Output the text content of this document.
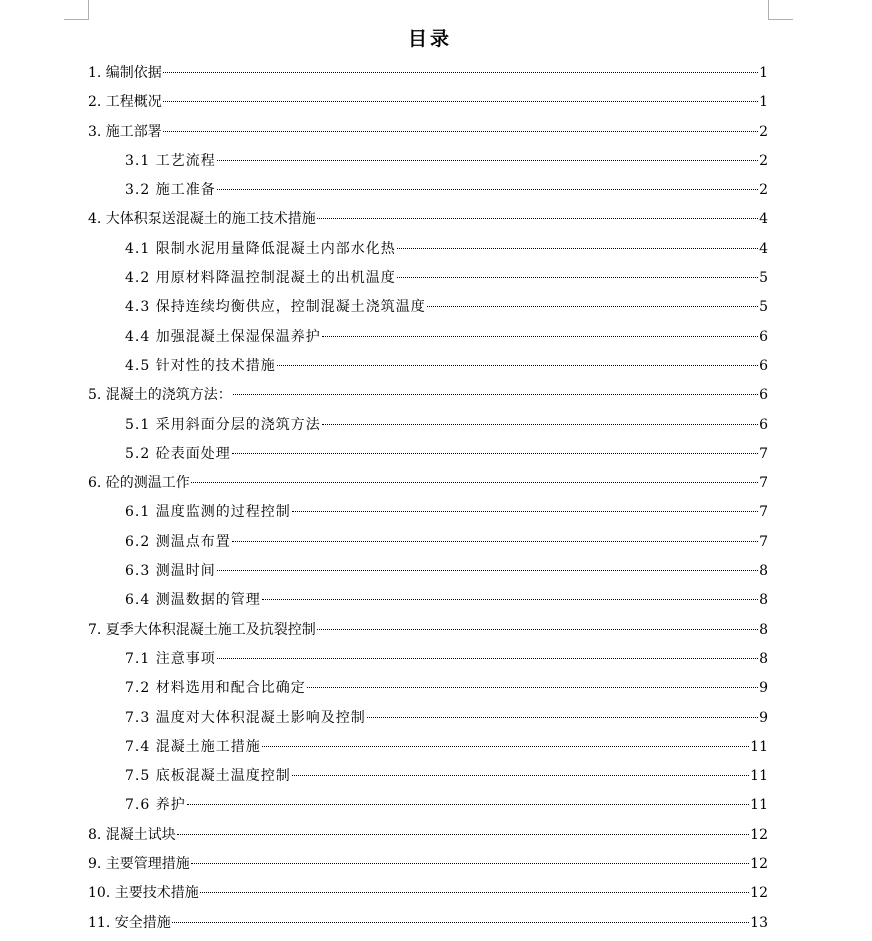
目录
1. 编制依据	1
2. 工程概况	1
3. 施工部署	2
3.1 工艺流程	2
3.2 施工准备	2
4. 大体积泵送混凝土的施工技术措施	4
4.1 限制水泥用量降低混凝土内部水化热	4
4.2 用原材料降温控制混凝土的出机温度	5
4.3 保持连续均衡供应，控制混凝土浇筑温度	5
4.4 加强混凝土保湿保温养护	6
4.5 针对性的技术措施	6
5. 混凝土的浇筑方法：	6
5.1 采用斜面分层的浇筑方法	6
5.2 砼表面处理	7
6. 砼的测温工作	7
6.1 温度监测的过程控制	7
6.2 测温点布置	7
6.3 测温时间	8
6.4 测温数据的管理	8
7. 夏季大体积混凝土施工及抗裂控制	8
7.1 注意事项	8
7.2 材料选用和配合比确定	9
7.3 温度对大体积混凝土影响及控制	9
7.4 混凝土施工措施	11
7.5 底板混凝土温度控制	11
7.6 养护	11
8. 混凝土试块	12
9. 主要管理措施	12
10. 主要技术措施	12
11. 安全措施	13
